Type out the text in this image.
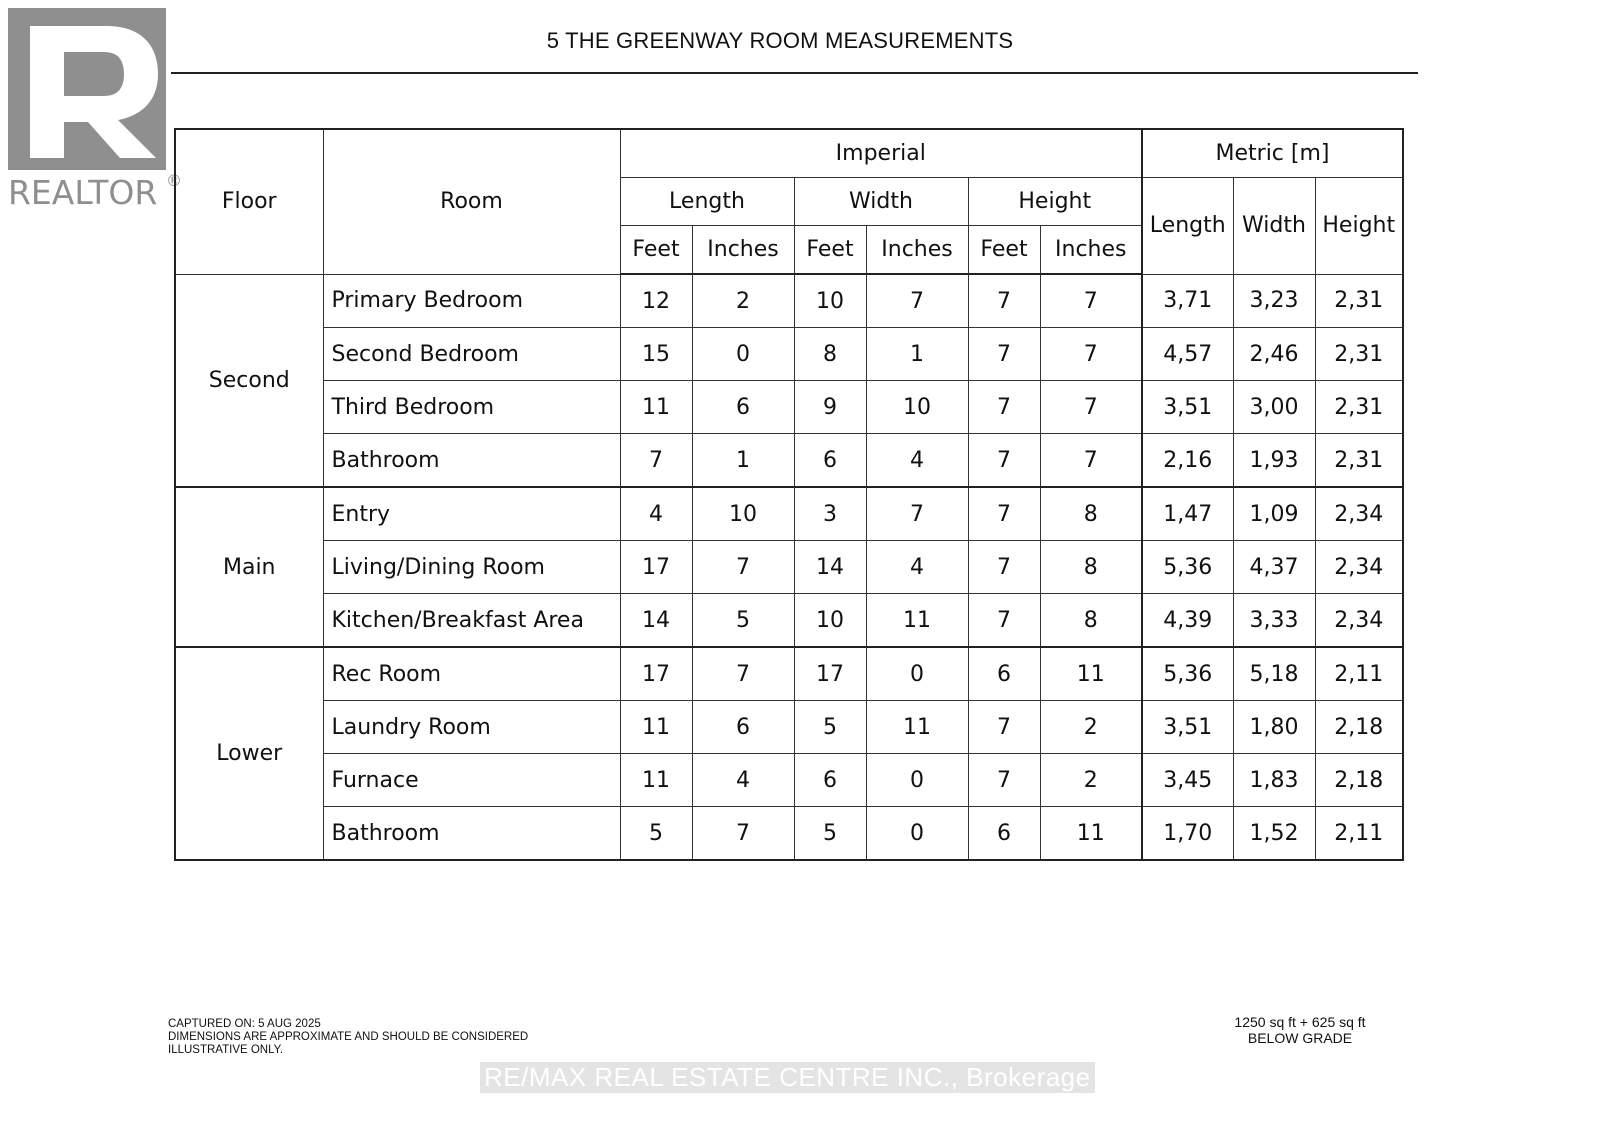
REALTOR ®
5 THE GREENWAY ROOM MEASUREMENTS
Floor	Room	Imperial						Metric [m]		
		Length		Width		Height		Length	Width	Height
		Feet	Inches	Feet	Inches	Feet	Inches			
Second	Primary Bedroom	12	2	10	7	7	7	3,71	3,23	2,31
	Second Bedroom	15	0	8	1	7	7	4,57	2,46	2,31
	Third Bedroom	11	6	9	10	7	7	3,51	3,00	2,31
	Bathroom	7	1	6	4	7	7	2,16	1,93	2,31
Main	Entry	4	10	3	7	7	8	1,47	1,09	2,34
	Living/Dining Room	17	7	14	4	7	8	5,36	4,37	2,34
	Kitchen/Breakfast Area	14	5	10	11	7	8	4,39	3,33	2,34
Lower	Rec Room	17	7	17	0	6	11	5,36	5,18	2,11
	Laundry Room	11	6	5	11	7	2	3,51	1,80	2,18
	Furnace	11	4	6	0	7	2	3,45	1,83	2,18
	Bathroom	5	7	5	0	6	11	1,70	1,52	2,11
CAPTURED ON: 5 AUG 2025
DIMENSIONS ARE APPROXIMATE AND SHOULD BE CONSIDERED
ILLUSTRATIVE ONLY.
1250 sq ft + 625 sq ft
BELOW GRADE
RE/MAX REAL ESTATE CENTRE INC., Brokerage
